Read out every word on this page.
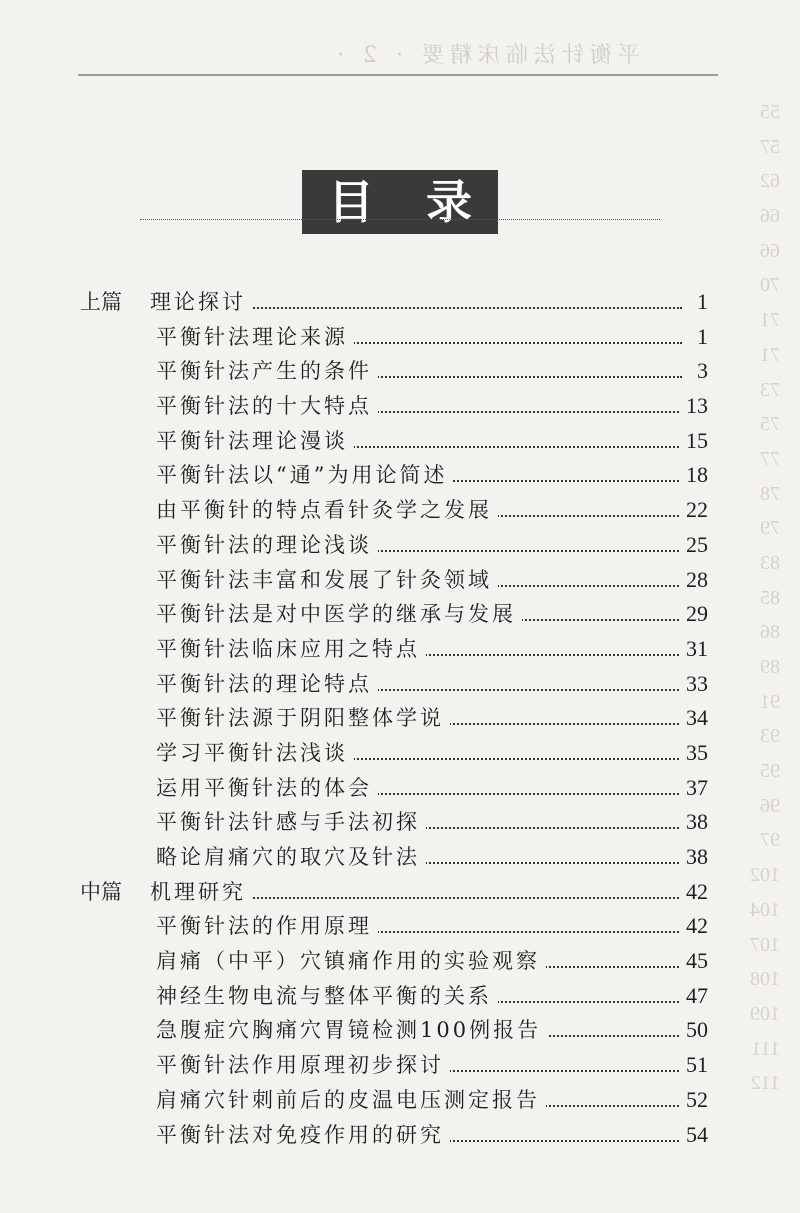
平衡针法临床精要 · 2 ·
目 录
55
57
62
66
66
70
71
71
73
75
77
78
79
83
85
86
89
91
93
95
96
97
102
104
107
108
109
111
112
上篇	理论探讨	1
平衡针法理论来源	1
平衡针法产生的条件	3
平衡针法的十大特点	13
平衡针法理论漫谈	15
平衡针法以“通”为用论简述	18
由平衡针的特点看针灸学之发展	22
平衡针法的理论浅谈	25
平衡针法丰富和发展了针灸领域	28
平衡针法是对中医学的继承与发展	29
平衡针法临床应用之特点	31
平衡针法的理论特点	33
平衡针法源于阴阳整体学说	34
学习平衡针法浅谈	35
运用平衡针法的体会	37
平衡针法针感与手法初探	38
略论肩痛穴的取穴及针法	38
中篇	机理研究	42
平衡针法的作用原理	42
肩痛（中平）穴镇痛作用的实验观察	45
神经生物电流与整体平衡的关系	47
急腹症穴胸痛穴胃镜检测100例报告	50
平衡针法作用原理初步探讨	51
肩痛穴针刺前后的皮温电压测定报告	52
平衡针法对免疫作用的研究	54
